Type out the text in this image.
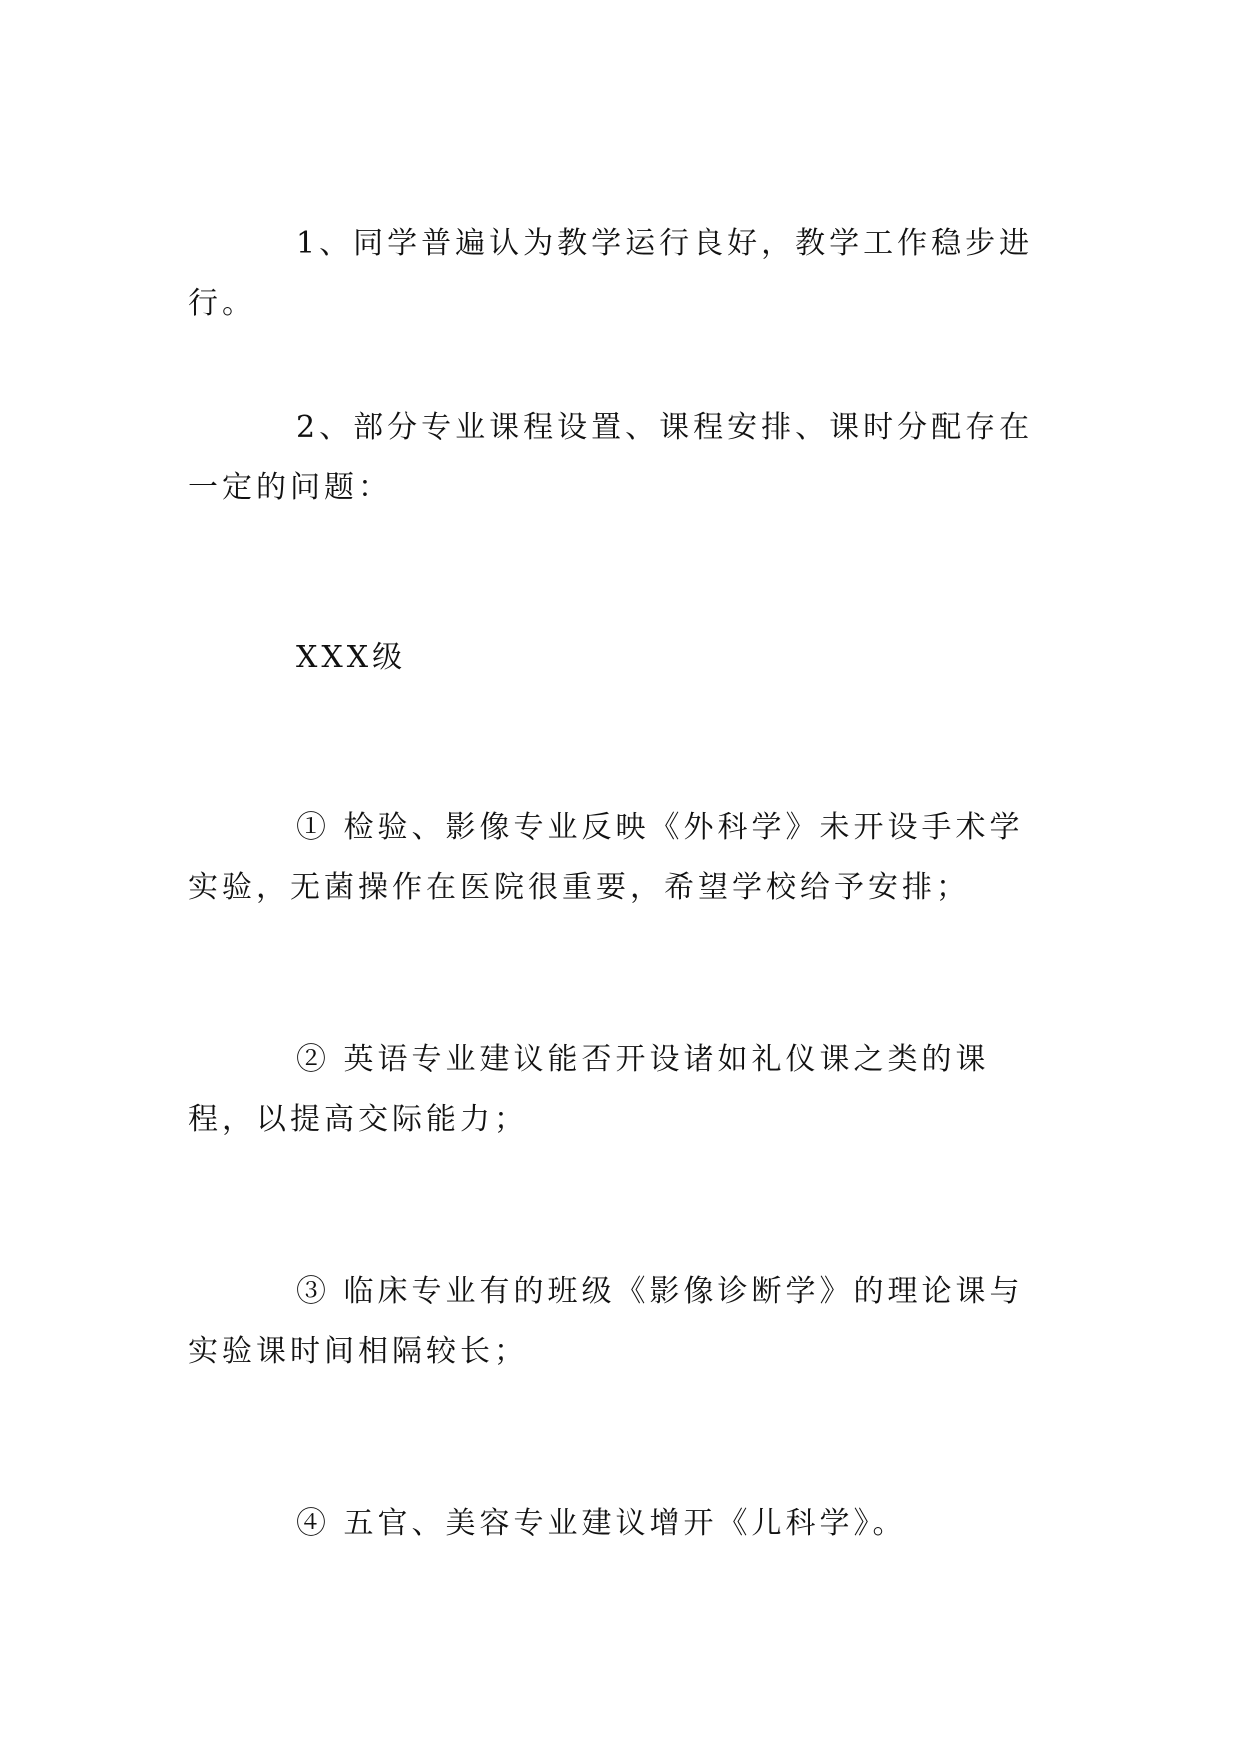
1、同学普遍认为教学运行良好，教学工作稳步进行。

2、部分专业课程设置、课程安排、课时分配存在一定的问题：

XXX级

① 检验、影像专业反映《外科学》未开设手术学实验，无菌操作在医院很重要，希望学校给予安排；

② 英语专业建议能否开设诸如礼仪课之类的课程，以提高交际能力；

③ 临床专业有的班级《影像诊断学》的理论课与实验课时间相隔较长；

④ 五官、美容专业建议增开《儿科学》。
